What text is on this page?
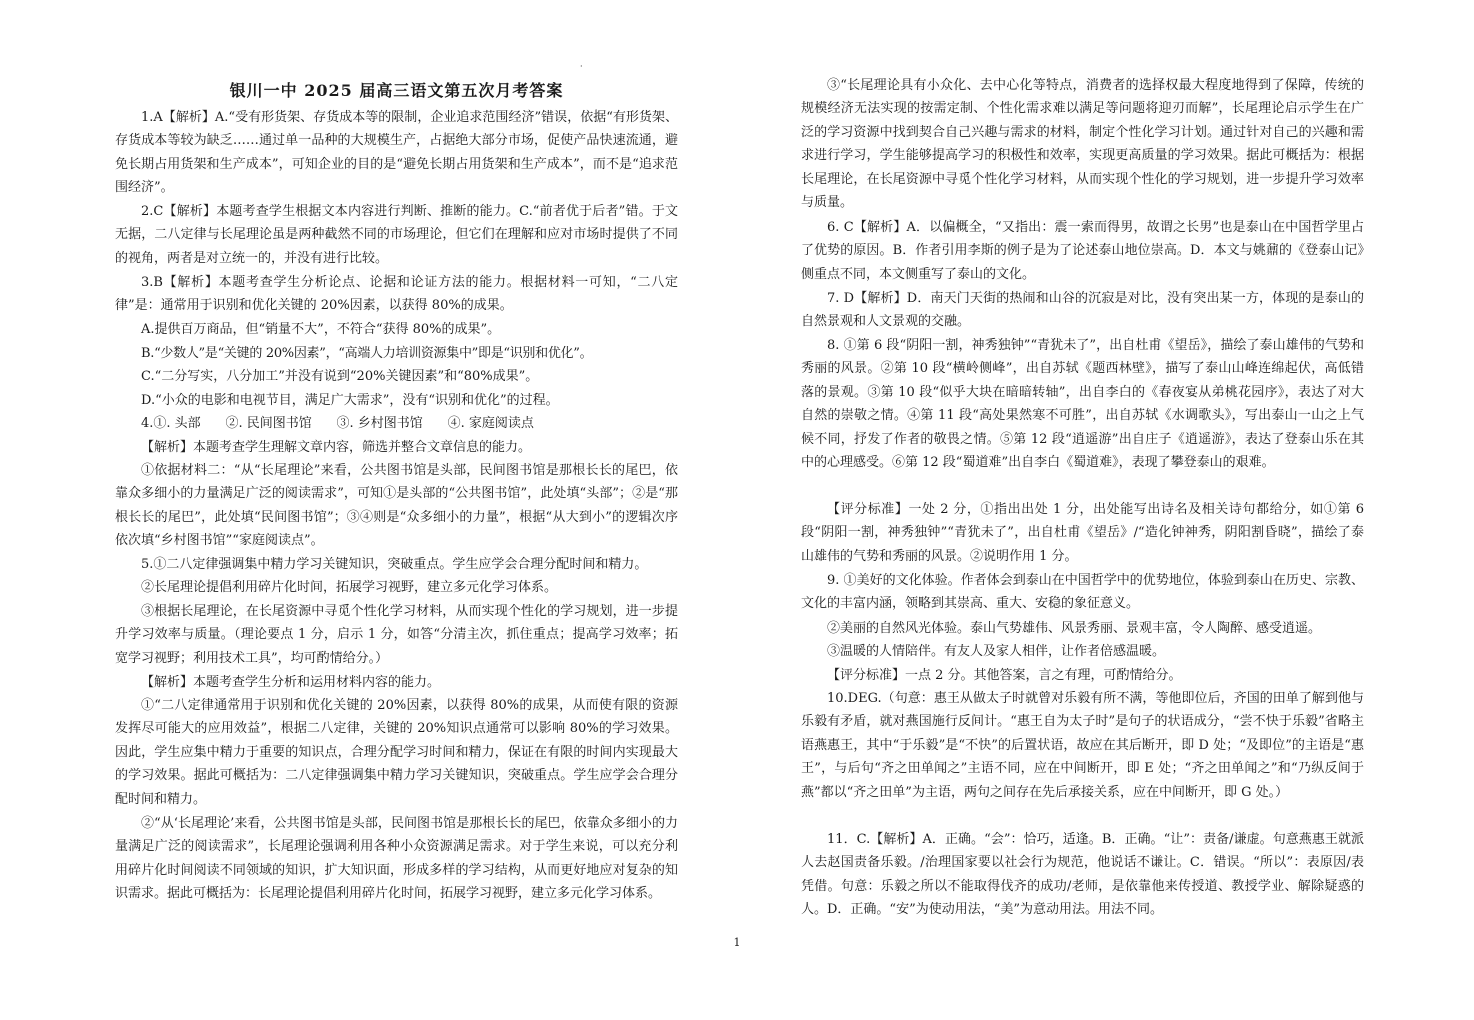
·
银川一中 2025 届高三语文第五次月考答案

1.A【解析】A.“受有形货架、存货成本等的限制，企业追求范围经济”错误，依据“有形货架、存货成本等较为缺乏……通过单一品种的大规模生产，占据绝大部分市场，促使产品快速流通，避免长期占用货架和生产成本”，可知企业的目的是“避免长期占用货架和生产成本”，而不是“追求范围经济”。

2.C【解析】本题考查学生根据文本内容进行判断、推断的能力。C.“前者优于后者”错。于文无据，二八定律与长尾理论虽是两种截然不同的市场理论，但它们在理解和应对市场时提供了不同的视角，两者是对立统一的，并没有进行比较。

3.B【解析】本题考查学生分析论点、论据和论证方法的能力。根据材料一可知，“二八定律”是：通常用于识别和优化关键的 20%因素，以获得 80%的成果。

A.提供百万商品，但“销量不大”，不符合“获得 80%的成果”。

B.“少数人”是“关键的 20%因素”，“高端人力培训资源集中”即是“识别和优化”。

C.“二分写实，八分加工”并没有说到“20%关键因素”和“80%成果”。

D.“小众的电影和电视节目，满足广大需求”，没有“识别和优化”的过程。

4.①. 头部      ②. 民间图书馆      ③. 乡村图书馆      ④. 家庭阅读点

【解析】本题考查学生理解文章内容，筛选并整合文章信息的能力。

①依据材料二：“从“长尾理论”来看，公共图书馆是头部，民间图书馆是那根长长的尾巴，依靠众多细小的力量满足广泛的阅读需求”，可知①是头部的“公共图书馆”，此处填“头部”；②是“那根长长的尾巴”，此处填“民间图书馆”；③④则是“众多细小的力量”，根据“从大到小”的逻辑次序依次填“乡村图书馆”“家庭阅读点”。

5.①二八定律强调集中精力学习关键知识，突破重点。学生应学会合理分配时间和精力。

②长尾理论提倡利用碎片化时间，拓展学习视野，建立多元化学习体系。

③根据长尾理论，在长尾资源中寻觅个性化学习材料，从而实现个性化的学习规划，进一步提升学习效率与质量。（理论要点 1 分，启示 1 分，如答“分清主次，抓住重点；提高学习效率；拓宽学习视野；利用技术工具”，均可酌情给分。）

【解析】本题考查学生分析和运用材料内容的能力。

①“二八定律通常用于识别和优化关键的 20%因素，以获得 80%的成果，从而使有限的资源发挥尽可能大的应用效益”，根据二八定律，关键的 20%知识点通常可以影响 80%的学习效果。因此，学生应集中精力于重要的知识点，合理分配学习时间和精力，保证在有限的时间内实现最大的学习效果。据此可概括为：二八定律强调集中精力学习关键知识，突破重点。学生应学会合理分配时间和精力。

②“从‘长尾理论’来看，公共图书馆是头部，民间图书馆是那根长长的尾巴，依靠众多细小的力量满足广泛的阅读需求”，长尾理论强调利用各种小众资源满足需求。对于学生来说，可以充分利用碎片化时间阅读不同领域的知识，扩大知识面，形成多样的学习结构，从而更好地应对复杂的知识需求。据此可概括为：长尾理论提倡利用碎片化时间，拓展学习视野，建立多元化学习体系。

③“长尾理论具有小众化、去中心化等特点，消费者的选择权最大程度地得到了保障，传统的规模经济无法实现的按需定制、个性化需求难以满足等问题将迎刃而解”，长尾理论启示学生在广泛的学习资源中找到契合自己兴趣与需求的材料，制定个性化学习计划。通过针对自己的兴趣和需求进行学习，学生能够提高学习的积极性和效率，实现更高质量的学习效果。据此可概括为：根据长尾理论，在长尾资源中寻觅个性化学习材料，从而实现个性化的学习规划，进一步提升学习效率与质量。

6. C【解析】A．以偏概全，“又指出：震一索而得男，故谓之长男”也是泰山在中国哲学里占了优势的原因。B．作者引用李斯的例子是为了论述泰山地位崇高。D．本文与姚鼐的《登泰山记》侧重点不同，本文侧重写了泰山的文化。

7. D【解析】D．南天门天街的热闹和山谷的沉寂是对比，没有突出某一方，体现的是泰山的自然景观和人文景观的交融。

8. ①第 6 段“阴阳一割，神秀独钟”“青犹未了”，出自杜甫《望岳》，描绘了泰山雄伟的气势和秀丽的风景。②第 10 段“横岭侧峰”，出自苏轼《题西林壁》，描写了泰山山峰连绵起伏，高低错落的景观。③第 10 段“似乎大块在暗暗转轴”，出自李白的《春夜宴从弟桃花园序》，表达了对大自然的崇敬之情。④第 11 段“高处果然寒不可胜”，出自苏轼《水调歌头》，写出泰山一山之上气候不同，抒发了作者的敬畏之情。⑤第 12 段“逍遥游”出自庄子《逍遥游》，表达了登泰山乐在其中的心理感受。⑥第 12 段“蜀道难”出自李白《蜀道难》，表现了攀登泰山的艰难。

【评分标准】一处 2 分，①指出出处 1 分，出处能写出诗名及相关诗句都给分，如①第 6 段“阴阳一割，神秀独钟”“青犹未了”，出自杜甫《望岳》/“造化钟神秀，阴阳割昏晓”，描绘了泰山雄伟的气势和秀丽的风景。②说明作用 1 分。

9. ①美好的文化体验。作者体会到泰山在中国哲学中的优势地位，体验到泰山在历史、宗教、文化的丰富内涵，领略到其崇高、重大、安稳的象征意义。

②美丽的自然风光体验。泰山气势雄伟、风景秀丽、景观丰富，令人陶醉、感受逍遥。

③温暖的人情陪伴。有友人及家人相伴，让作者倍感温暖。

【评分标准】一点 2 分。其他答案，言之有理，可酌情给分。

10.DEG.（句意：惠王从做太子时就曾对乐毅有所不满，等他即位后，齐国的田单了解到他与乐毅有矛盾，就对燕国施行反间计。“惠王自为太子时”是句子的状语成分，“尝不快于乐毅”省略主语燕惠王，其中“于乐毅”是“不快”的后置状语，故应在其后断开，即 D 处；“及即位”的主语是“惠王”，与后句“齐之田单闻之”主语不同，应在中间断开，即 E 处；“齐之田单闻之”和“乃纵反间于燕”都以“齐之田单”为主语，两句之间存在先后承接关系，应在中间断开，即 G 处。）

11．C.【解析】A．正确。“会”：恰巧，适逢。B．正确。“让”：责备/谦虚。句意燕惠王就派人去赵国责备乐毅。/治理国家要以社会行为规范，他说话不谦让。C．错误。“所以”：表原因/表凭借。句意：乐毅之所以不能取得伐齐的成功/老师，是依靠他来传授道、教授学业、解除疑惑的人。D．正确。“安”为使动用法，“美”为意动用法。用法不同。

1
